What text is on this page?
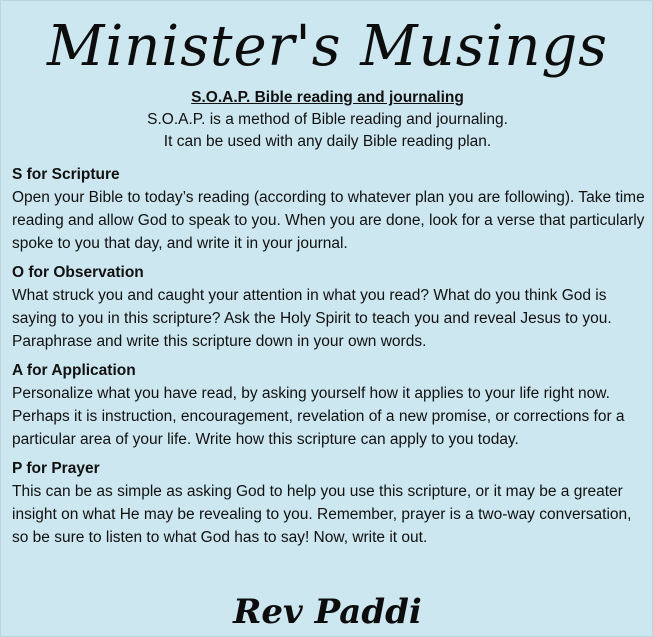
Minister's Musings
S.O.A.P. Bible reading and journaling
S.O.A.P. is a method of Bible reading and journaling.
It can be used with any daily Bible reading plan.
S for Scripture

Open your Bible to today’s reading (according to whatever plan you are following). Take time reading and allow God to speak to you. When you are done, look for a verse that particularly spoke to you that day, and write it in your journal.

O for Observation

What struck you and caught your attention in what you read? What do you think God is saying to you in this scripture? Ask the Holy Spirit to teach you and reveal Jesus to you. Paraphrase and write this scripture down in your own words.

A for Application

Personalize what you have read, by asking yourself how it applies to your life right now. Perhaps it is instruction, encouragement, revelation of a new promise, or corrections for a particular area of your life. Write how this scripture can apply to you today.

P for Prayer

This can be as simple as asking God to help you use this scripture, or it may be a greater insight on what He may be revealing to you. Remember, prayer is a two-way conversation, so be sure to listen to what God has to say! Now, write it out.

Rev Paddi
